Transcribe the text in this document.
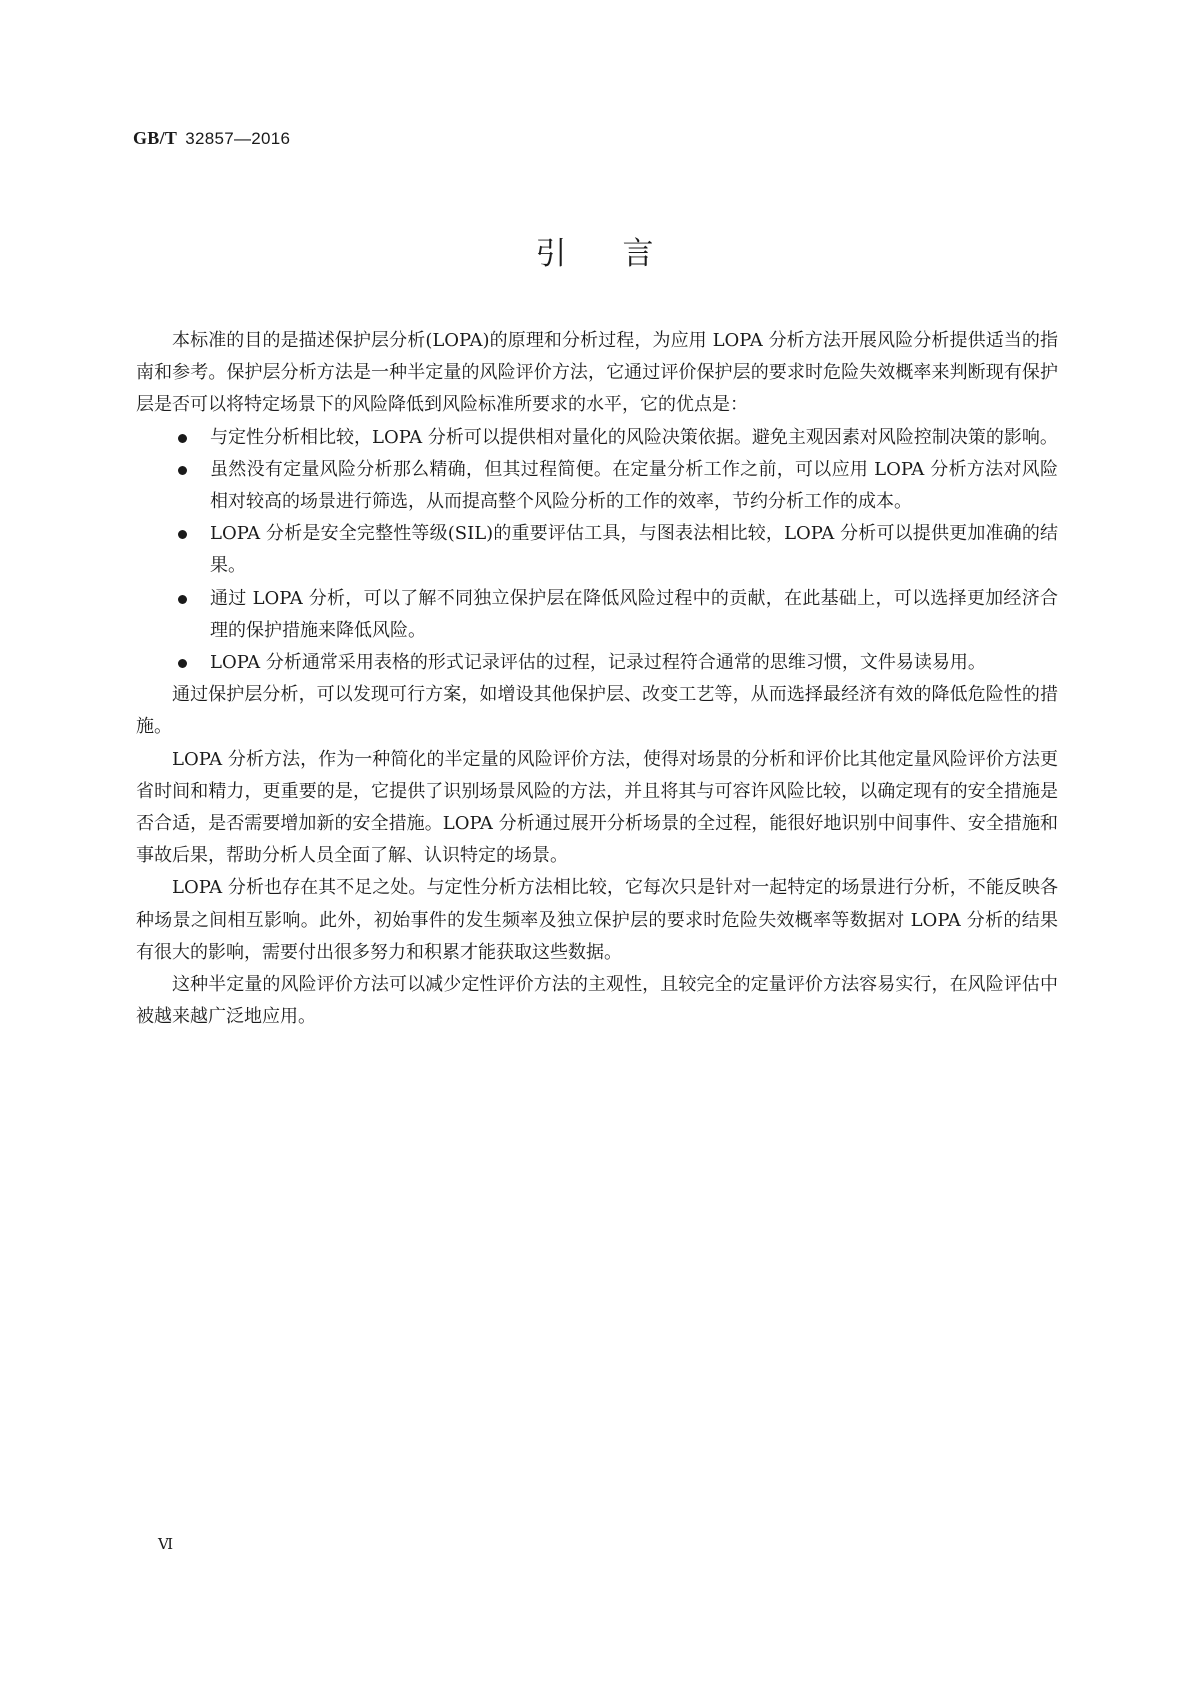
GB/T 32857—2016
引 言

本标准的目的是描述保护层分析(LOPA)的原理和分析过程，为应用 LOPA 分析方法开展风险分析提供适当的指南和参考。保护层分析方法是一种半定量的风险评价方法，它通过评价保护层的要求时危险失效概率来判断现有保护层是否可以将特定场景下的风险降低到风险标准所要求的水平，它的优点是：

与定性分析相比较，LOPA 分析可以提供相对量化的风险决策依据。避免主观因素对风险控制决策的影响。
虽然没有定量风险分析那么精确，但其过程简便。在定量分析工作之前，可以应用 LOPA 分析方法对风险相对较高的场景进行筛选，从而提高整个风险分析的工作的效率，节约分析工作的成本。
LOPA 分析是安全完整性等级(SIL)的重要评估工具，与图表法相比较，LOPA 分析可以提供更加准确的结果。
通过 LOPA 分析，可以了解不同独立保护层在降低风险过程中的贡献，在此基础上，可以选择更加经济合理的保护措施来降低风险。
LOPA 分析通常采用表格的形式记录评估的过程，记录过程符合通常的思维习惯，文件易读易用。

通过保护层分析，可以发现可行方案，如增设其他保护层、改变工艺等，从而选择最经济有效的降低危险性的措施。

LOPA 分析方法，作为一种简化的半定量的风险评价方法，使得对场景的分析和评价比其他定量风险评价方法更省时间和精力，更重要的是，它提供了识别场景风险的方法，并且将其与可容许风险比较，以确定现有的安全措施是否合适，是否需要增加新的安全措施。LOPA 分析通过展开分析场景的全过程，能很好地识别中间事件、安全措施和事故后果，帮助分析人员全面了解、认识特定的场景。

LOPA 分析也存在其不足之处。与定性分析方法相比较，它每次只是针对一起特定的场景进行分析，不能反映各种场景之间相互影响。此外，初始事件的发生频率及独立保护层的要求时危险失效概率等数据对 LOPA 分析的结果有很大的影响，需要付出很多努力和积累才能获取这些数据。

这种半定量的风险评价方法可以减少定性评价方法的主观性，且较完全的定量评价方法容易实行，在风险评估中被越来越广泛地应用。

Ⅵ
